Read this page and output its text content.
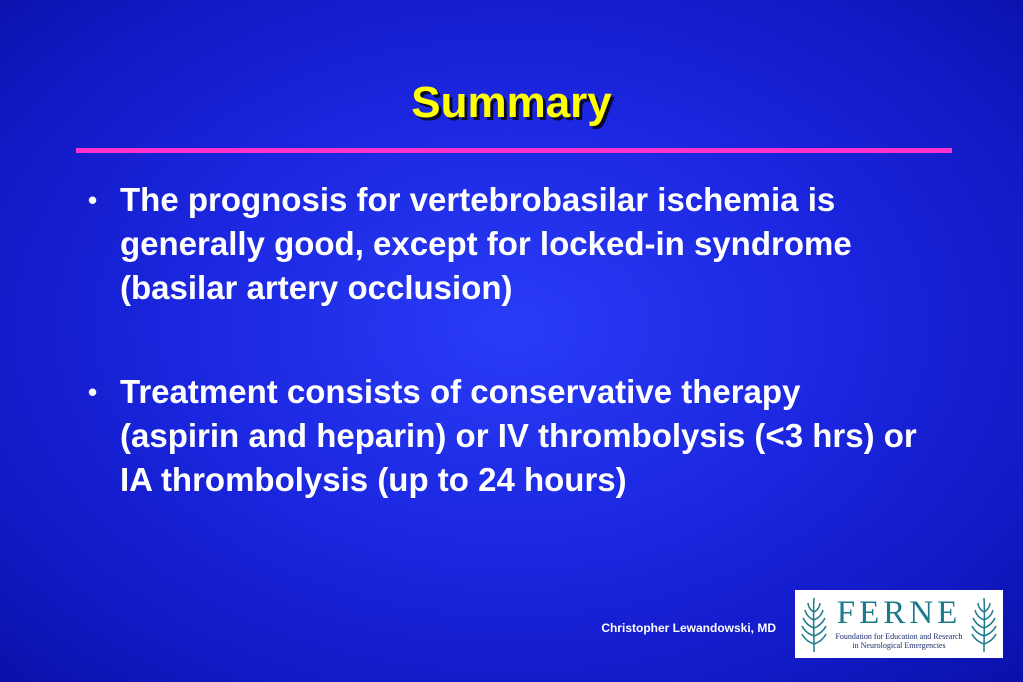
Summary
• The prognosis for vertebrobasilar ischemia is generally good, except for locked-in syndrome (basilar artery occlusion)
• Treatment consists of conservative therapy (aspirin and heparin) or IV thrombolysis (<3 hrs) or IA thrombolysis (up to 24 hours)
Christopher Lewandowski, MD FERNE
Foundation for Education and Research
in Neurological Emergencies
